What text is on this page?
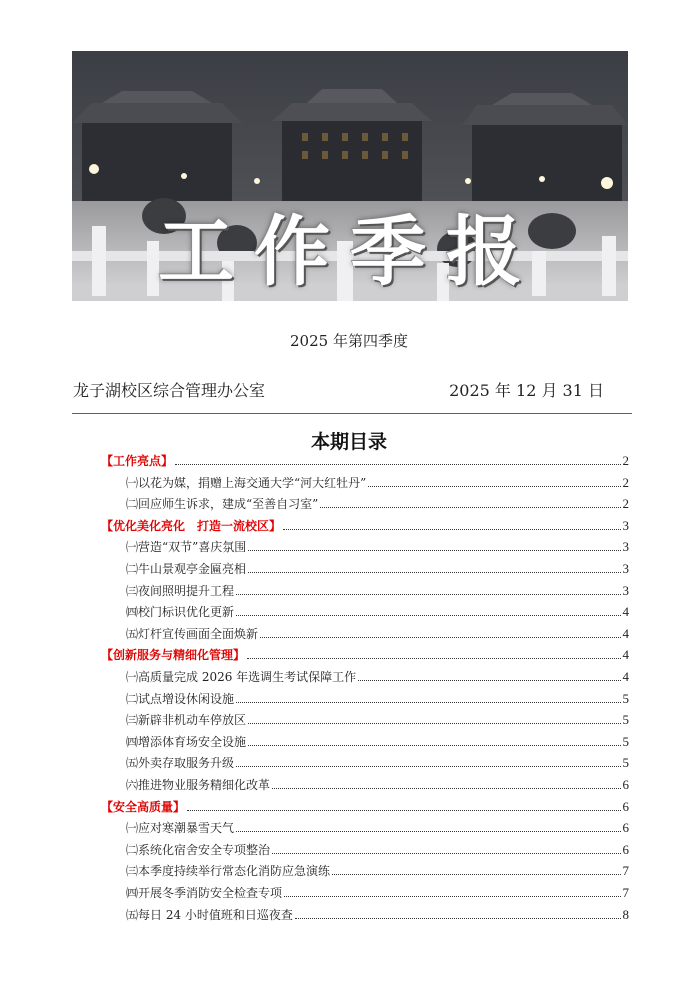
工作季报
2025 年第四季度
龙子湖校区综合管理办公室	2025 年 12 月 31 日
本期目录
【工作亮点】	2
㈠以花为媒，捐赠上海交通大学“河大红牡丹”	2
㈡回应师生诉求，建成“至善自习室”	2
【优化美化亮化　打造一流校区】	3
㈠营造“双节”喜庆氛围	3
㈡牛山景观亭金匾亮相	3
㈢夜间照明提升工程	3
㈣校门标识优化更新	4
㈤灯杆宣传画面全面焕新	4
【创新服务与精细化管理】	4
㈠高质量完成 2026 年选调生考试保障工作	4
㈡试点增设休闲设施	5
㈢新辟非机动车停放区	5
㈣增添体育场安全设施	5
㈤外卖存取服务升级	5
㈥推进物业服务精细化改革	6
【安全高质量】	6
㈠应对寒潮暴雪天气	6
㈡系统化宿舍安全专项整治	6
㈢本季度持续举行常态化消防应急演练	7
㈣开展冬季消防安全检查专项	7
㈤每日 24 小时值班和日巡夜查	8
